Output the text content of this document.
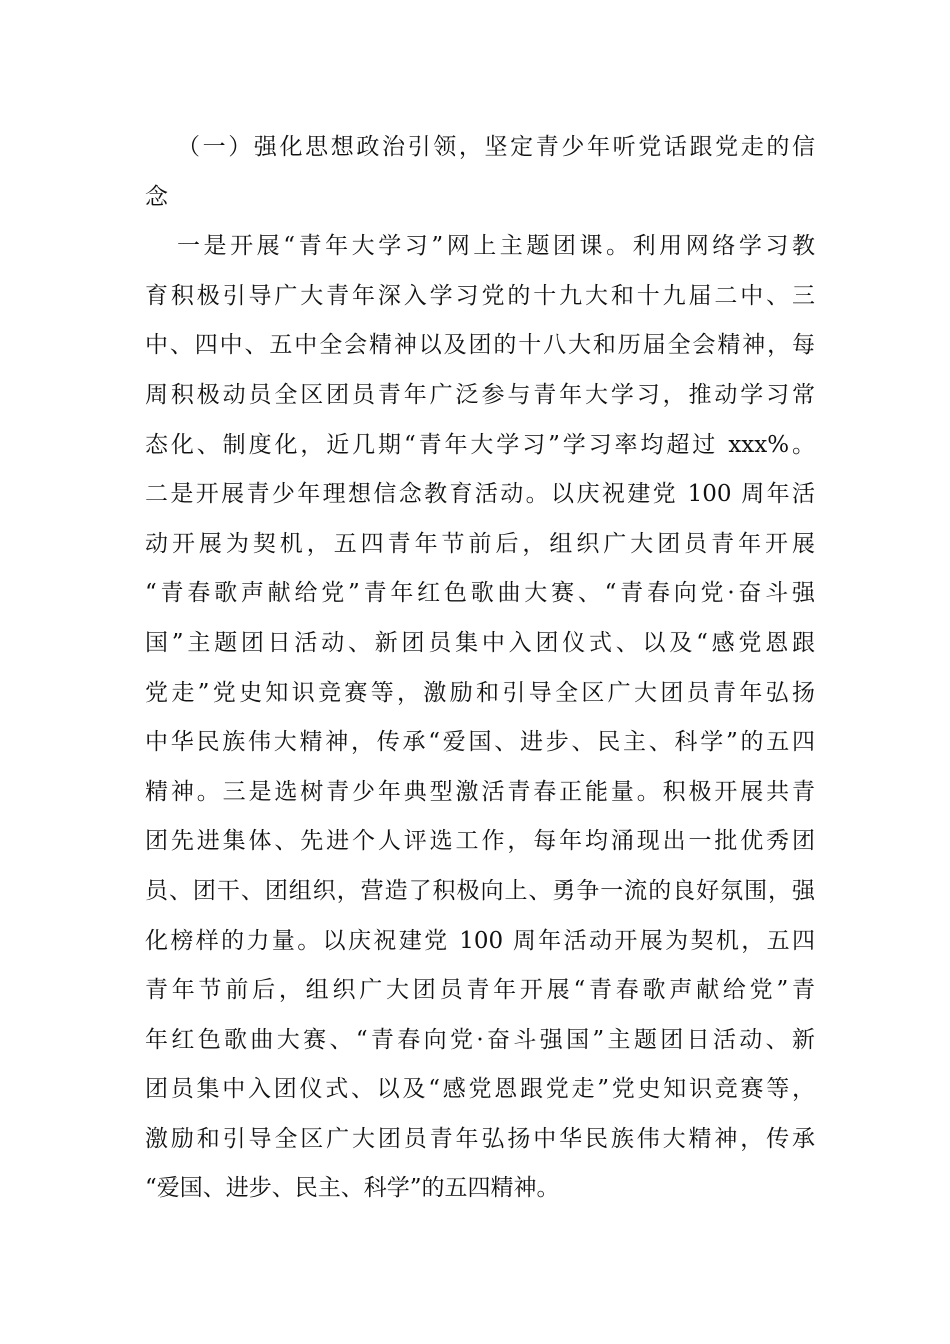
（一）强化思想政治引领，坚定青少年听党话跟党走的信
念
一是开展“青年大学习”网上主题团课。利用网络学习教
育积极引导广大青年深入学习党的十九大和十九届二中、三
中、四中、五中全会精神以及团的十八大和历届全会精神，每
周积极动员全区团员青年广泛参与青年大学习，推动学习常
态化、制度化，近几期“青年大学习”学习率均超过 xxx%。
二是开展青少年理想信念教育活动。以庆祝建党 100 周年活
动开展为契机，五四青年节前后，组织广大团员青年开展
“青春歌声献给党”青年红色歌曲大赛、“青春向党·奋斗强
国”主题团日活动、新团员集中入团仪式、以及“感党恩跟
党走”党史知识竞赛等，激励和引导全区广大团员青年弘扬
中华民族伟大精神，传承“爱国、进步、民主、科学”的五四
精神。三是选树青少年典型激活青春正能量。积极开展共青
团先进集体、先进个人评选工作，每年均涌现出一批优秀团
员、团干、团组织，营造了积极向上、勇争一流的良好氛围，强
化榜样的力量。以庆祝建党 100 周年活动开展为契机，五四
青年节前后，组织广大团员青年开展“青春歌声献给党”青
年红色歌曲大赛、“青春向党·奋斗强国”主题团日活动、新
团员集中入团仪式、以及“感党恩跟党走”党史知识竞赛等，
激励和引导全区广大团员青年弘扬中华民族伟大精神，传承
“爱国、进步、民主、科学”的五四精神。
